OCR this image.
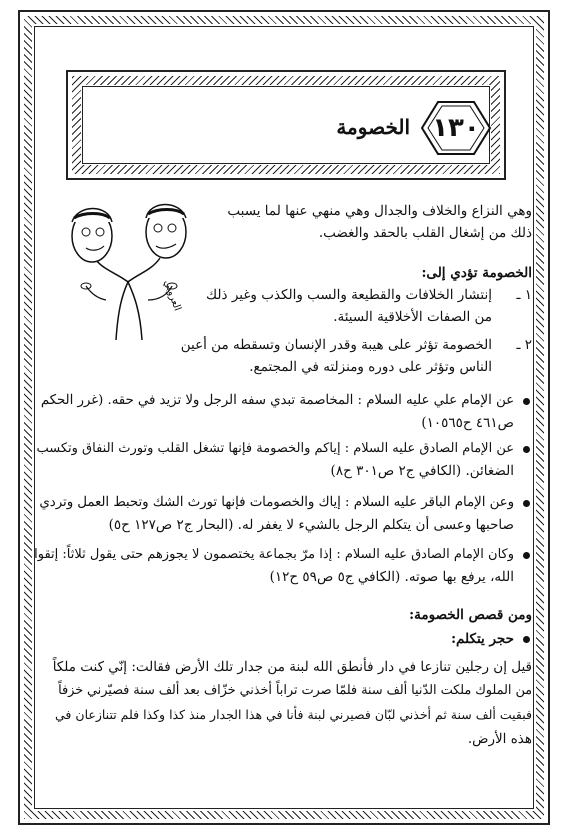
الخصومة ١٣٠
العروبي
وهي النزاع والخلاف والجدال وهي منهي عنها لما يسبب
ذلك من إشغال القلب بالحقد والغضب.
الخصومة تؤدي إلى:
١ ـ
إنتشار الخلافات والقطيعة والسب والكذب وغير ذلك
من الصفات الأخلاقية السيئة.
٢ ـ
الخصومة تؤثر على هيبة وقدر الإنسان وتسقطه من أعين
الناس وتؤثر على دوره ومنزلته في المجتمع.
عن الإمام علي عليه السلام : المخاصمة تبدي سفه الرجل ولا تزيد في حقه. (غرر الحكم
ص٤٦١ ح١٠٥٦٥)
عن الإمام الصادق عليه السلام : إياكم والخصومة فإنها تشغل القلب وتورث النفاق وتكسب
الضغائن. (الكافي ج٢ ص٣٠١ ح٨)
وعن الإمام الباقر عليه السلام : إياك والخصومات فإنها تورث الشك وتحبط العمل وتردي
صاحبها وعسى أن يتكلم الرجل بالشيء لا يغفر له. (البحار ج٢ ص١٢٧ ح٥)
وكان الإمام الصادق عليه السلام : إذا مرّ بجماعة يختصمون لا يجوزهم حتى يقول ثلاثاً: إتقوا
الله، يرفع بها صوته. (الكافي ج٥ ص٥٩ ح١٢)
ومن قصص الخصومة:
حجر يتكلم:
قيل إن رجلين تنازعا في دار فأنطق الله لبنة من جدار تلك الأرض فقالت: إنّي كنت ملكاً
من الملوك ملكت الدّنيا ألف سنة فلمّا صرت تراباً أخذني خزّاف بعد ألف سنة فصيّرني خزفاً
فبقيت ألف سنة ثم أخذني لبّان فصيرني لبنة فأنا في هذا الجدار منذ كذا وكذا فلم تتنازعان في
هذه الأرض.
